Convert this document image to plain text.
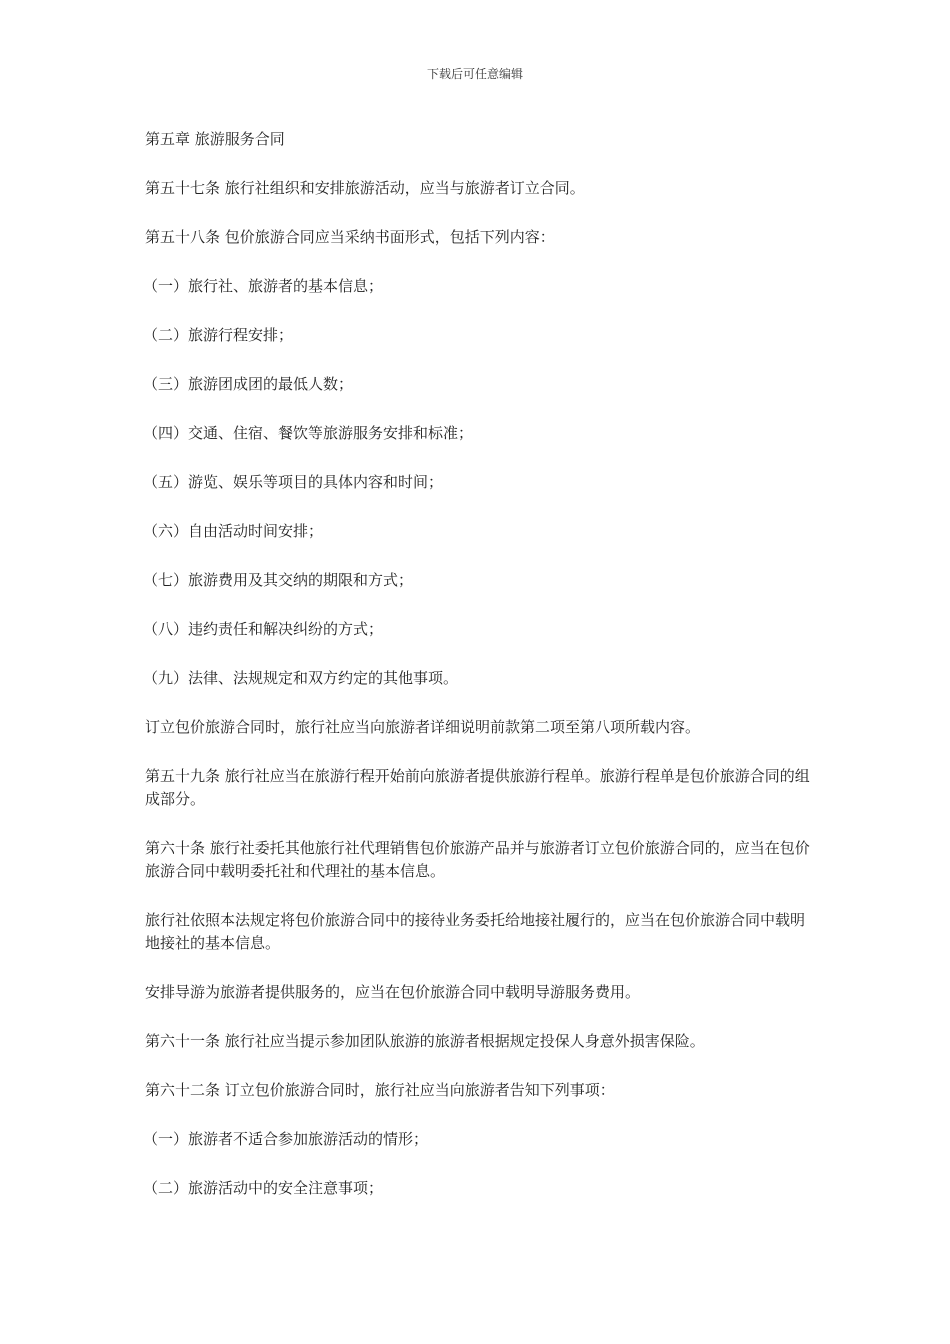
下载后可任意编辑

第五章 旅游服务合同

第五十七条 旅行社组织和安排旅游活动，应当与旅游者订立合同。

第五十八条 包价旅游合同应当采纳书面形式，包括下列内容：

（一）旅行社、旅游者的基本信息；

（二）旅游行程安排；

（三）旅游团成团的最低人数；

（四）交通、住宿、餐饮等旅游服务安排和标准；

（五）游览、娱乐等项目的具体内容和时间；

（六）自由活动时间安排；

（七）旅游费用及其交纳的期限和方式；

（八）违约责任和解决纠纷的方式；

（九）法律、法规规定和双方约定的其他事项。

订立包价旅游合同时，旅行社应当向旅游者详细说明前款第二项至第八项所载内容。

第五十九条 旅行社应当在旅游行程开始前向旅游者提供旅游行程单。旅游行程单是包价旅游合同的组成部分。

第六十条 旅行社委托其他旅行社代理销售包价旅游产品并与旅游者订立包价旅游合同的，应当在包价旅游合同中载明委托社和代理社的基本信息。

旅行社依照本法规定将包价旅游合同中的接待业务委托给地接社履行的，应当在包价旅游合同中载明地接社的基本信息。

安排导游为旅游者提供服务的，应当在包价旅游合同中载明导游服务费用。

第六十一条 旅行社应当提示参加团队旅游的旅游者根据规定投保人身意外损害保险。

第六十二条 订立包价旅游合同时，旅行社应当向旅游者告知下列事项：

（一）旅游者不适合参加旅游活动的情形；

（二）旅游活动中的安全注意事项；
